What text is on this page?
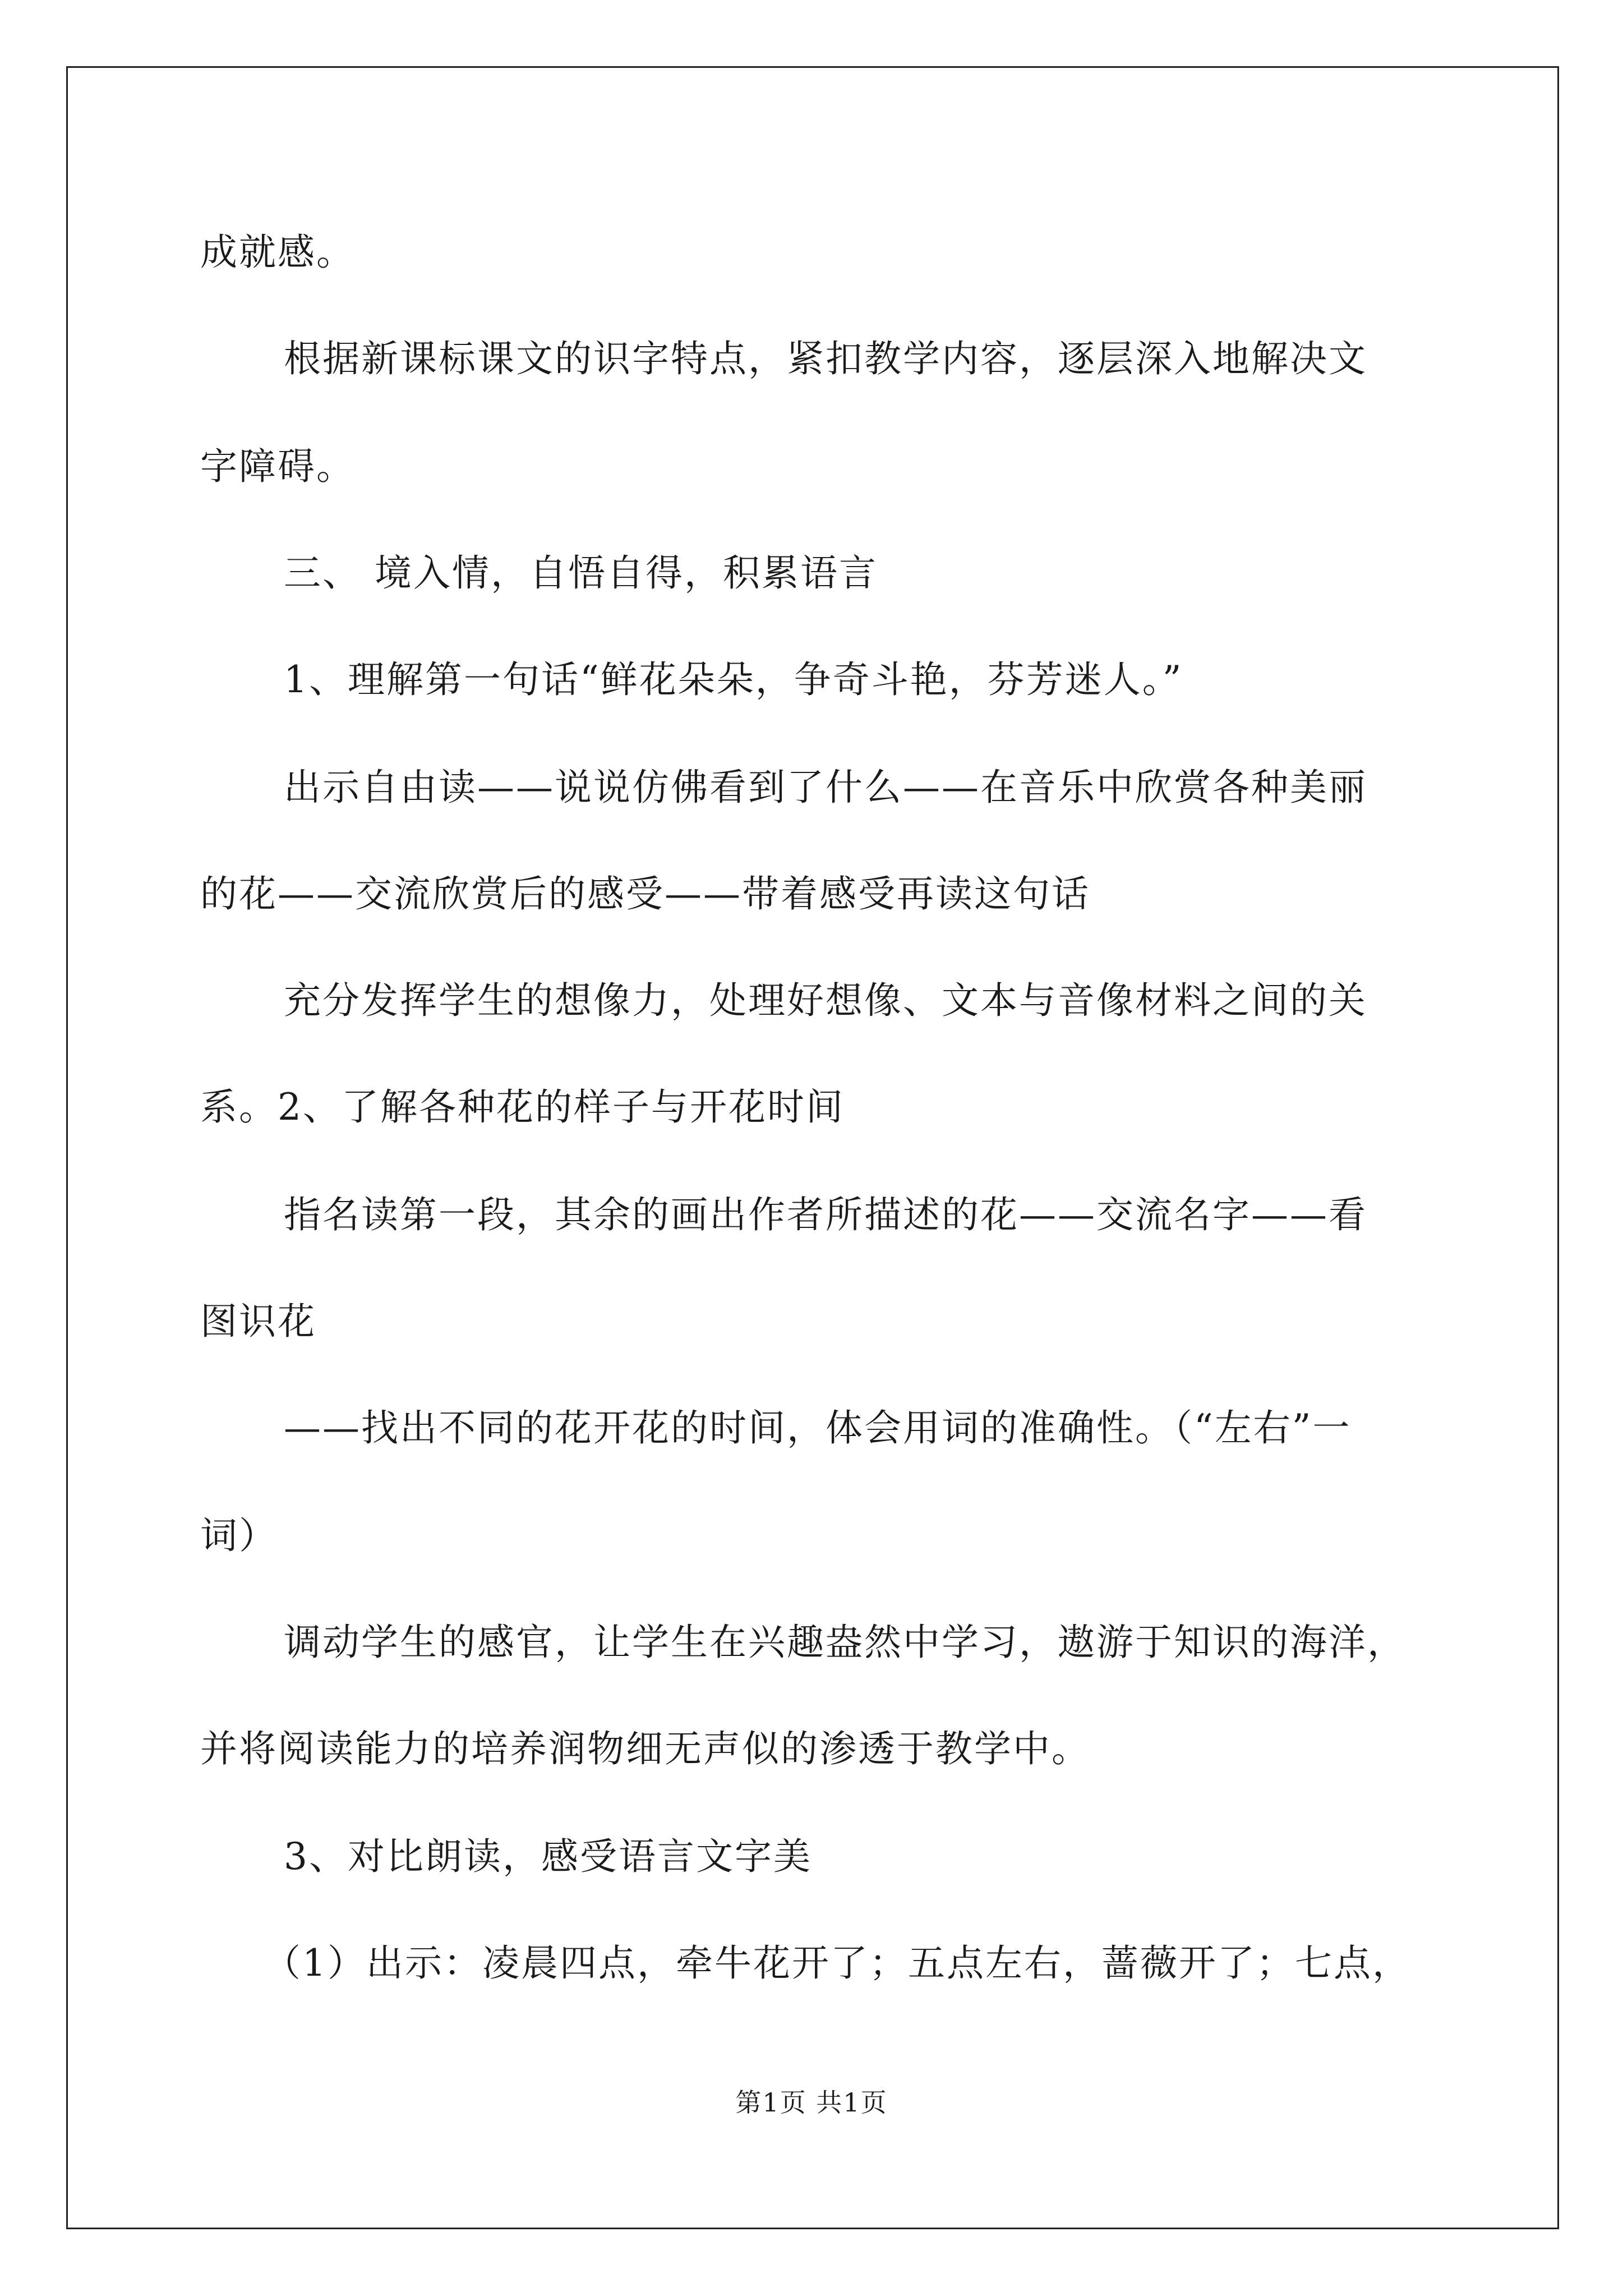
成就感。
根据新课标课文的识字特点，紧扣教学内容，逐层深入地解决文
字障碍。
三、 境入情，自悟自得，积累语言
1、理解第一句话“鲜花朵朵，争奇斗艳，芬芳迷人。”
出示自由读——说说仿佛看到了什么——在音乐中欣赏各种美丽
的花——交流欣赏后的感受——带着感受再读这句话
充分发挥学生的想像力，处理好想像、文本与音像材料之间的关
系。2、了解各种花的样子与开花时间
指名读第一段，其余的画出作者所描述的花——交流名字——看
图识花
——找出不同的花开花的时间，体会用词的准确性。（“左右”一
词）
调动学生的感官，让学生在兴趣盎然中学习，遨游于知识的海洋，
并将阅读能力的培养润物细无声似的渗透于教学中。
3、对比朗读，感受语言文字美
（1）出示：凌晨四点，牵牛花开了；五点左右，蔷薇开了；七点，
第1页 共1页
